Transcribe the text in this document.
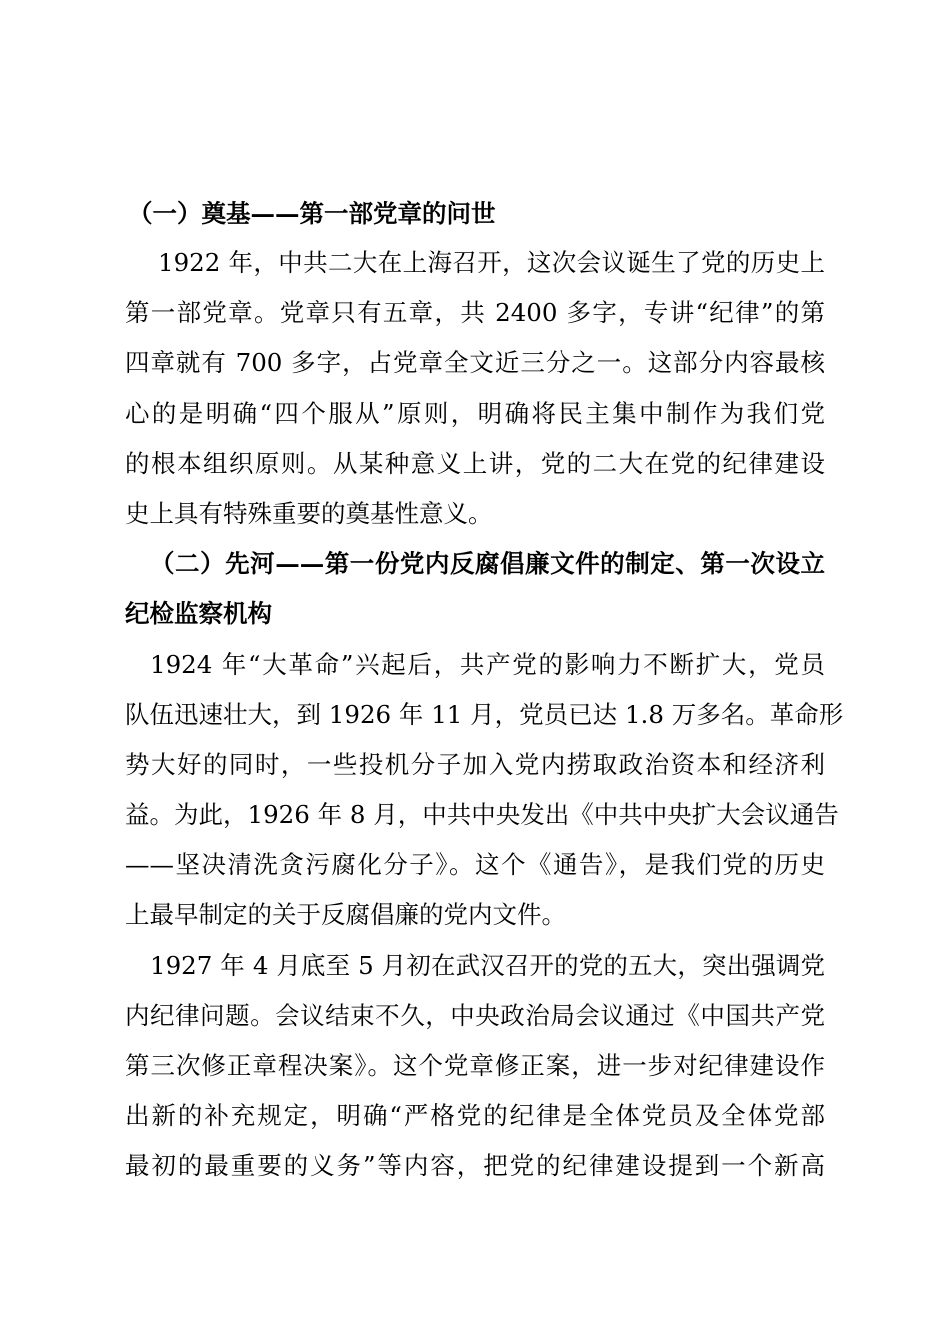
（一）奠基——第一部党章的问世
1922 年，中共二大在上海召开，这次会议诞生了党的历史上
第一部党章。党章只有五章，共 2400 多字，专讲“纪律”的第
四章就有 700 多字，占党章全文近三分之一。这部分内容最核
心的是明确“四个服从”原则，明确将民主集中制作为我们党
的根本组织原则。从某种意义上讲，党的二大在党的纪律建设
史上具有特殊重要的奠基性意义。
（二）先河——第一份党内反腐倡廉文件的制定、第一次设立
纪检监察机构
1924 年“大革命”兴起后，共产党的影响力不断扩大，党员
队伍迅速壮大，到 1926 年 11 月，党员已达 1.8 万多名。革命形
势大好的同时，一些投机分子加入党内捞取政治资本和经济利
益。为此，1926 年 8 月，中共中央发出《中共中央扩大会议通告
——坚决清洗贪污腐化分子》。这个《通告》，是我们党的历史
上最早制定的关于反腐倡廉的党内文件。
1927 年 4 月底至 5 月初在武汉召开的党的五大，突出强调党
内纪律问题。会议结束不久，中央政治局会议通过《中国共产党
第三次修正章程决案》。这个党章修正案，进一步对纪律建设作
出新的补充规定，明确“严格党的纪律是全体党员及全体党部
最初的最重要的义务”等内容，把党的纪律建设提到一个新高
